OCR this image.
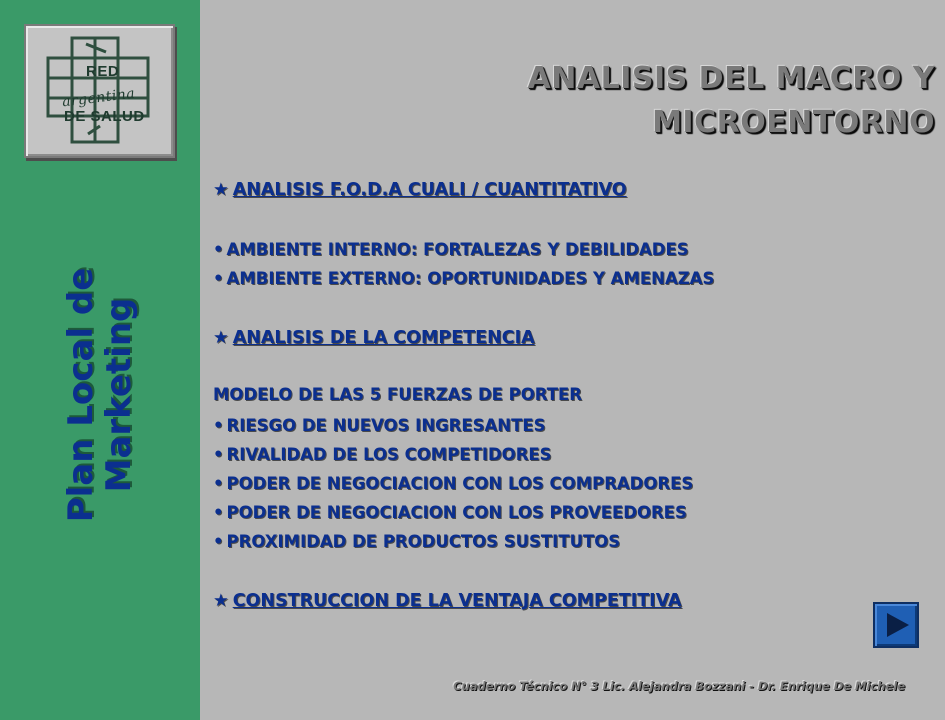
RED
argentina
DE SALUD
Plan Local de
Marketing
ANALISIS DEL MACRO Y
MICROENTORNO
★ ANALISIS F.O.D.A CUALI / CUANTITATIVO
• AMBIENTE INTERNO: FORTALEZAS Y DEBILIDADES
• AMBIENTE EXTERNO: OPORTUNIDADES Y AMENAZAS
★ ANALISIS DE LA COMPETENCIA
MODELO DE LAS 5 FUERZAS DE PORTER
• RIESGO DE NUEVOS INGRESANTES
• RIVALIDAD DE LOS COMPETIDORES
• PODER DE NEGOCIACION CON LOS COMPRADORES
• PODER DE NEGOCIACION CON LOS PROVEEDORES
• PROXIMIDAD DE PRODUCTOS SUSTITUTOS
★ CONSTRUCCION DE LA VENTAJA COMPETITIVA
Cuaderno Técnico N° 3 Lic. Alejandra Bozzani - Dr. Enrique De Michele
